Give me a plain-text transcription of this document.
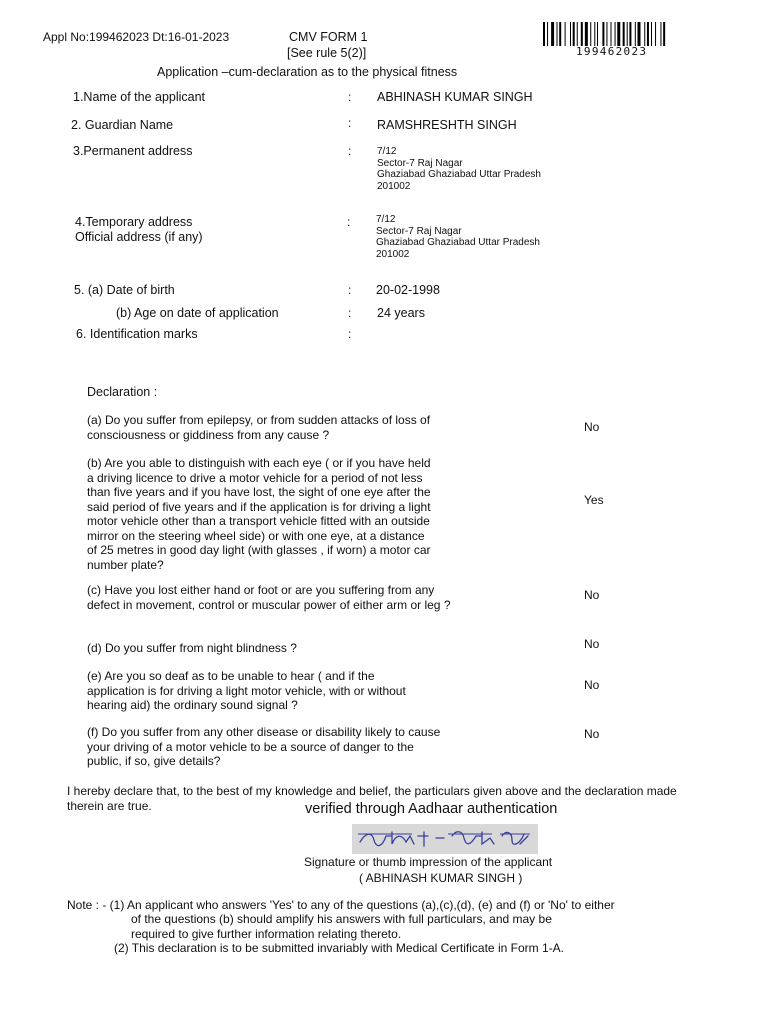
Appl No:199462023 Dt:16-01-2023	CMV FORM 1
[See rule 5(2)]
Application –cum-declaration as to the physical fitness
199462023
1.Name of the applicant	: ABHINASH KUMAR SINGH
2. Guardian Name	: RAMSHRESHTH SINGH
3.Permanent address	:	7/12
Sector-7 Raj Nagar
Ghaziabad Ghaziabad Uttar Pradesh
201002
4.Temporary address
Official address (if any)
:	7/12
Sector-7 Raj Nagar
Ghaziabad Ghaziabad Uttar Pradesh
201002
5. (a) Date of birth	: 20-02-1998
(b) Age on date of application	: 24 years
6. Identification marks	:
Declaration :
(a) Do you suffer from epilepsy, or from sudden attacks of loss of consciousness or giddiness from any cause ?
No
(b) Are you able to distinguish with each eye ( or if you have held a driving licence to drive a motor vehicle for a period of not less than five years and if you have lost, the sight of one eye after the said period of five years and if the application is for driving a light motor vehicle other than a transport vehicle fitted with an outside mirror on the steering wheel side) or with one eye, at a distance of 25 metres in good day light (with glasses , if worn) a motor car number plate?
Yes
(c) Have you lost either hand or foot or are you suffering from any defect in movement, control or muscular power of either arm or leg ?
No
(d) Do you suffer from night blindness ?	No
(e) Are you so deaf as to be unable to hear ( and if the application is for driving a light motor vehicle, with or without hearing aid) the ordinary sound signal ?
No
(f) Do you suffer from any other disease or disability likely to cause your driving of a motor vehicle to be a source of danger to the public, if so, give details?
No
I hereby declare that, to the best of my knowledge and belief, the particulars given above and the declaration made therein are true.	verified through Aadhaar authentication
Signature or thumb impression of the applicant
( ABHINASH KUMAR SINGH )
Note : - (1) An applicant who answers 'Yes' to any of the questions (a),(c),(d), (e) and (f) or 'No' to either
of the questions (b) should amplify his answers with full particulars, and may be
required to give further information relating thereto.
(2) This declaration is to be submitted invariably with Medical Certificate in Form 1-A.
